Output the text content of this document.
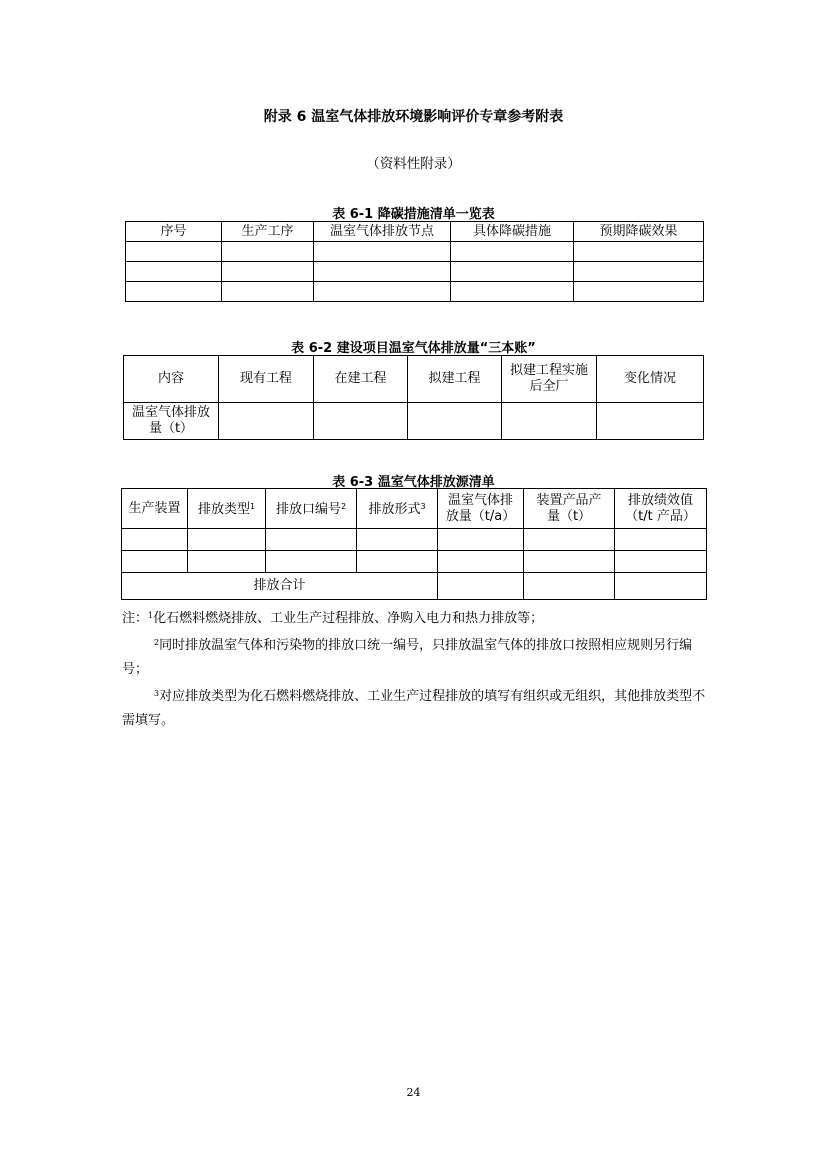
附录 6 温室气体排放环境影响评价专章参考附表
（资料性附录）
表 6-1 降碳措施清单一览表
序号	生产工序	温室气体排放节点	具体降碳措施	预期降碳效果

表 6-2 建设项目温室气体排放量“三本账”
内容	现有工程	在建工程	拟建工程	拟建工程实施后全厂	变化情况
温室气体排放量（t）					
表 6-3 温室气体排放源清单
生产装置	排放类型$^1$	排放口编号$^2$	排放形式$^3$	温室气体排放量（t/a）	装置产品产量（t）	排放绩效值（t/t 产品）

排放合计						
注：$^1$化石燃料燃烧排放、工业生产过程排放、净购入电力和热力排放等；
$^2$同时排放温室气体和污染物的排放口统一编号，只排放温室气体的排放口按照相应规则另行编号；
$^3$对应排放类型为化石燃料燃烧排放、工业生产过程排放的填写有组织或无组织，其他排放类型不需填写。
24
